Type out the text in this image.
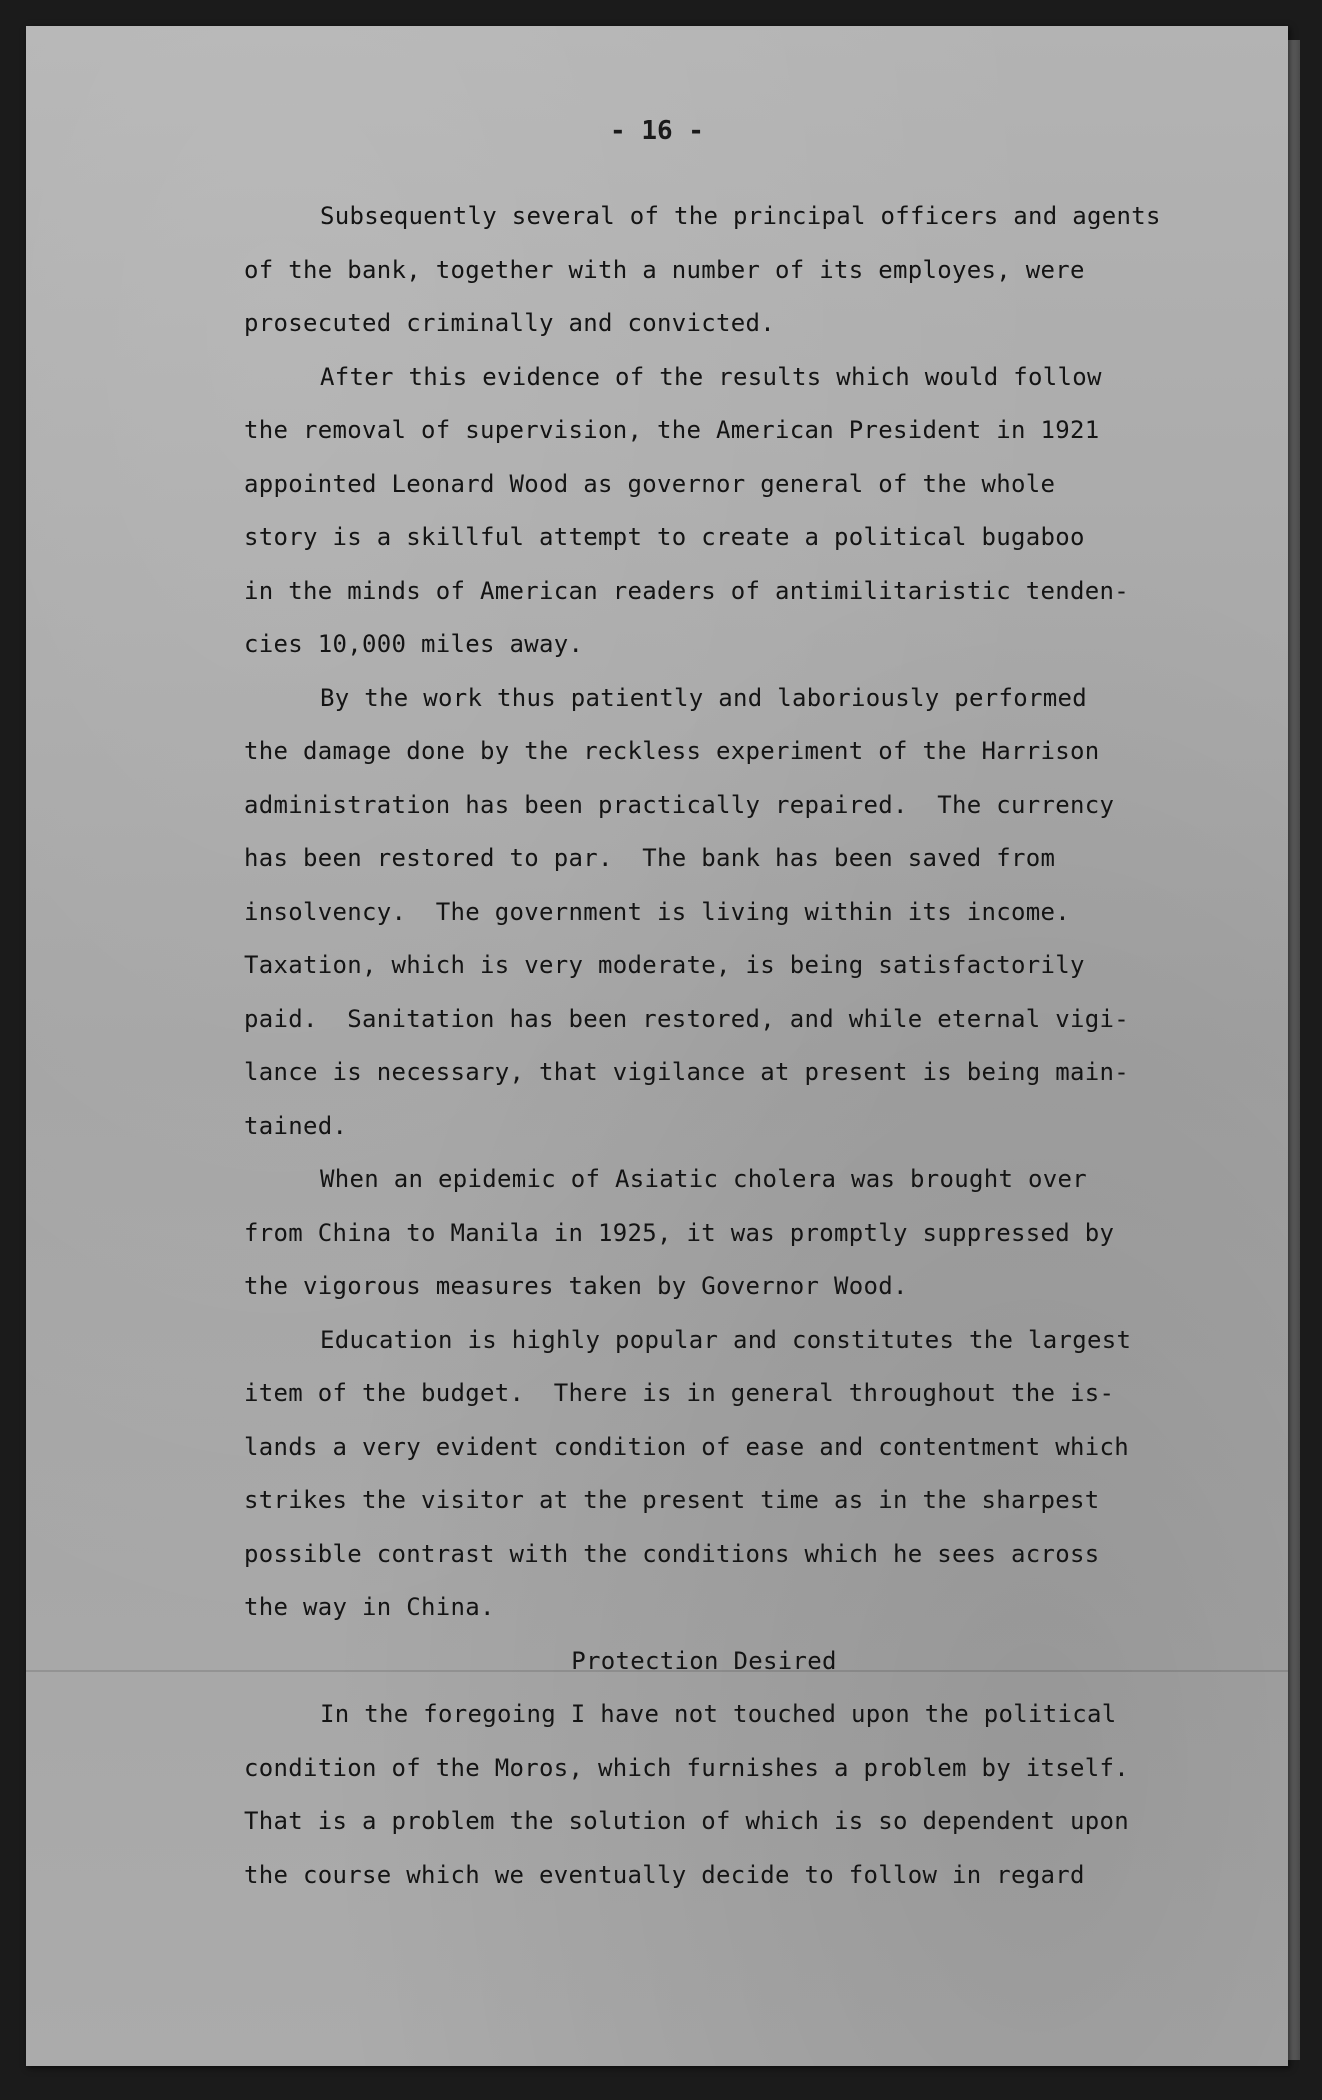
- 16 -
Subsequently several of the principal officers and agents
of the bank, together with a number of its employes, were
prosecuted criminally and convicted.
After this evidence of the results which would follow
the removal of supervision, the American President in 1921
appointed Leonard Wood as governor general of the whole
story is a skillful attempt to create a political bugaboo
in the minds of American readers of antimilitaristic tenden-
cies 10,000 miles away.
By the work thus patiently and laboriously performed
the damage done by the reckless experiment of the Harrison
administration has been practically repaired.  The currency
has been restored to par.  The bank has been saved from
insolvency.  The government is living within its income.
Taxation, which is very moderate, is being satisfactorily
paid.  Sanitation has been restored, and while eternal vigi-
lance is necessary, that vigilance at present is being main-
tained.
When an epidemic of Asiatic cholera was brought over
from China to Manila in 1925, it was promptly suppressed by
the vigorous measures taken by Governor Wood.
Education is highly popular and constitutes the largest
item of the budget.  There is in general throughout the is-
lands a very evident condition of ease and contentment which
strikes the visitor at the present time as in the sharpest
possible contrast with the conditions which he sees across
the way in China.
Protection Desired
In the foregoing I have not touched upon the political
condition of the Moros, which furnishes a problem by itself.
That is a problem the solution of which is so dependent upon
the course which we eventually decide to follow in regard
